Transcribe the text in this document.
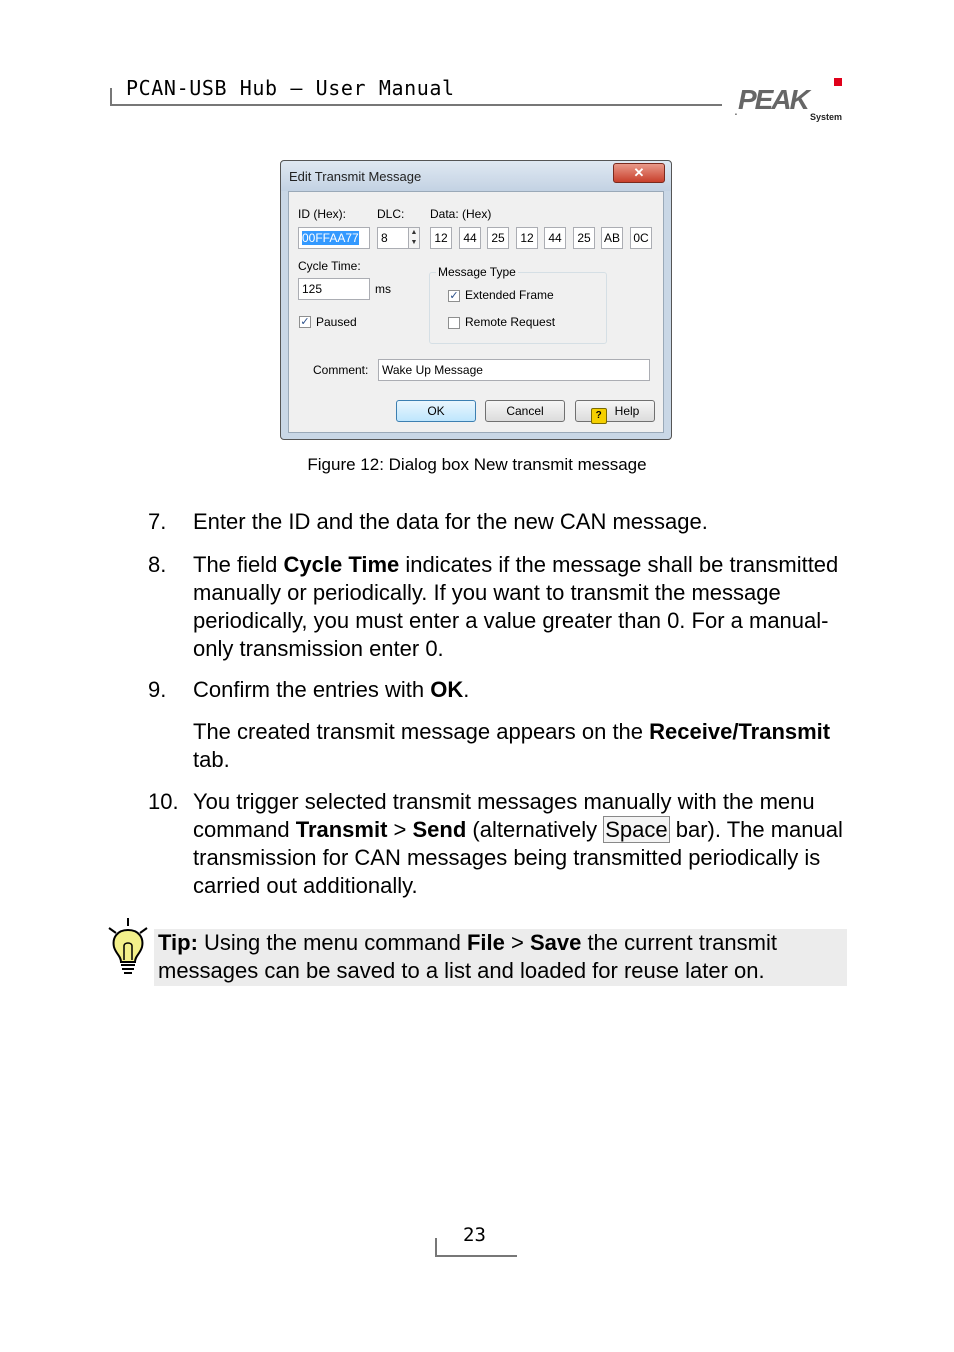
PCAN-USB Hub – User Manual
. PEAK
System
Edit Transmit Message	✕
ID (Hex):	DLC: Data: (Hex)
00FFAA77	8	▲
▼	12	44	25	12	44	25	AB 0C
Cycle Time:
125	ms
✓ Paused
Message Type
✓ Extended Frame
Remote Request
Comment:	Wake Up Message
OK	Cancel	? Help
Figure 12: Dialog box New transmit message
7. Enter the ID and the data for the new CAN message.
8. The field Cycle Time indicates if the message shall be transmitted manually or periodically. If you want to transmit the message periodically, you must enter a value greater than 0. For a manual-only transmission enter 0.
9. Confirm the entries with OK.
The created transmit message appears on the Receive/Transmit tab.
10. You trigger selected transmit messages manually with the menu command Transmit > Send (alternatively Space bar). The manual transmission for CAN messages being transmitted periodically is carried out additionally.
Tip: Using the menu command File > Save the current transmit messages can be saved to a list and loaded for reuse later on.
23
